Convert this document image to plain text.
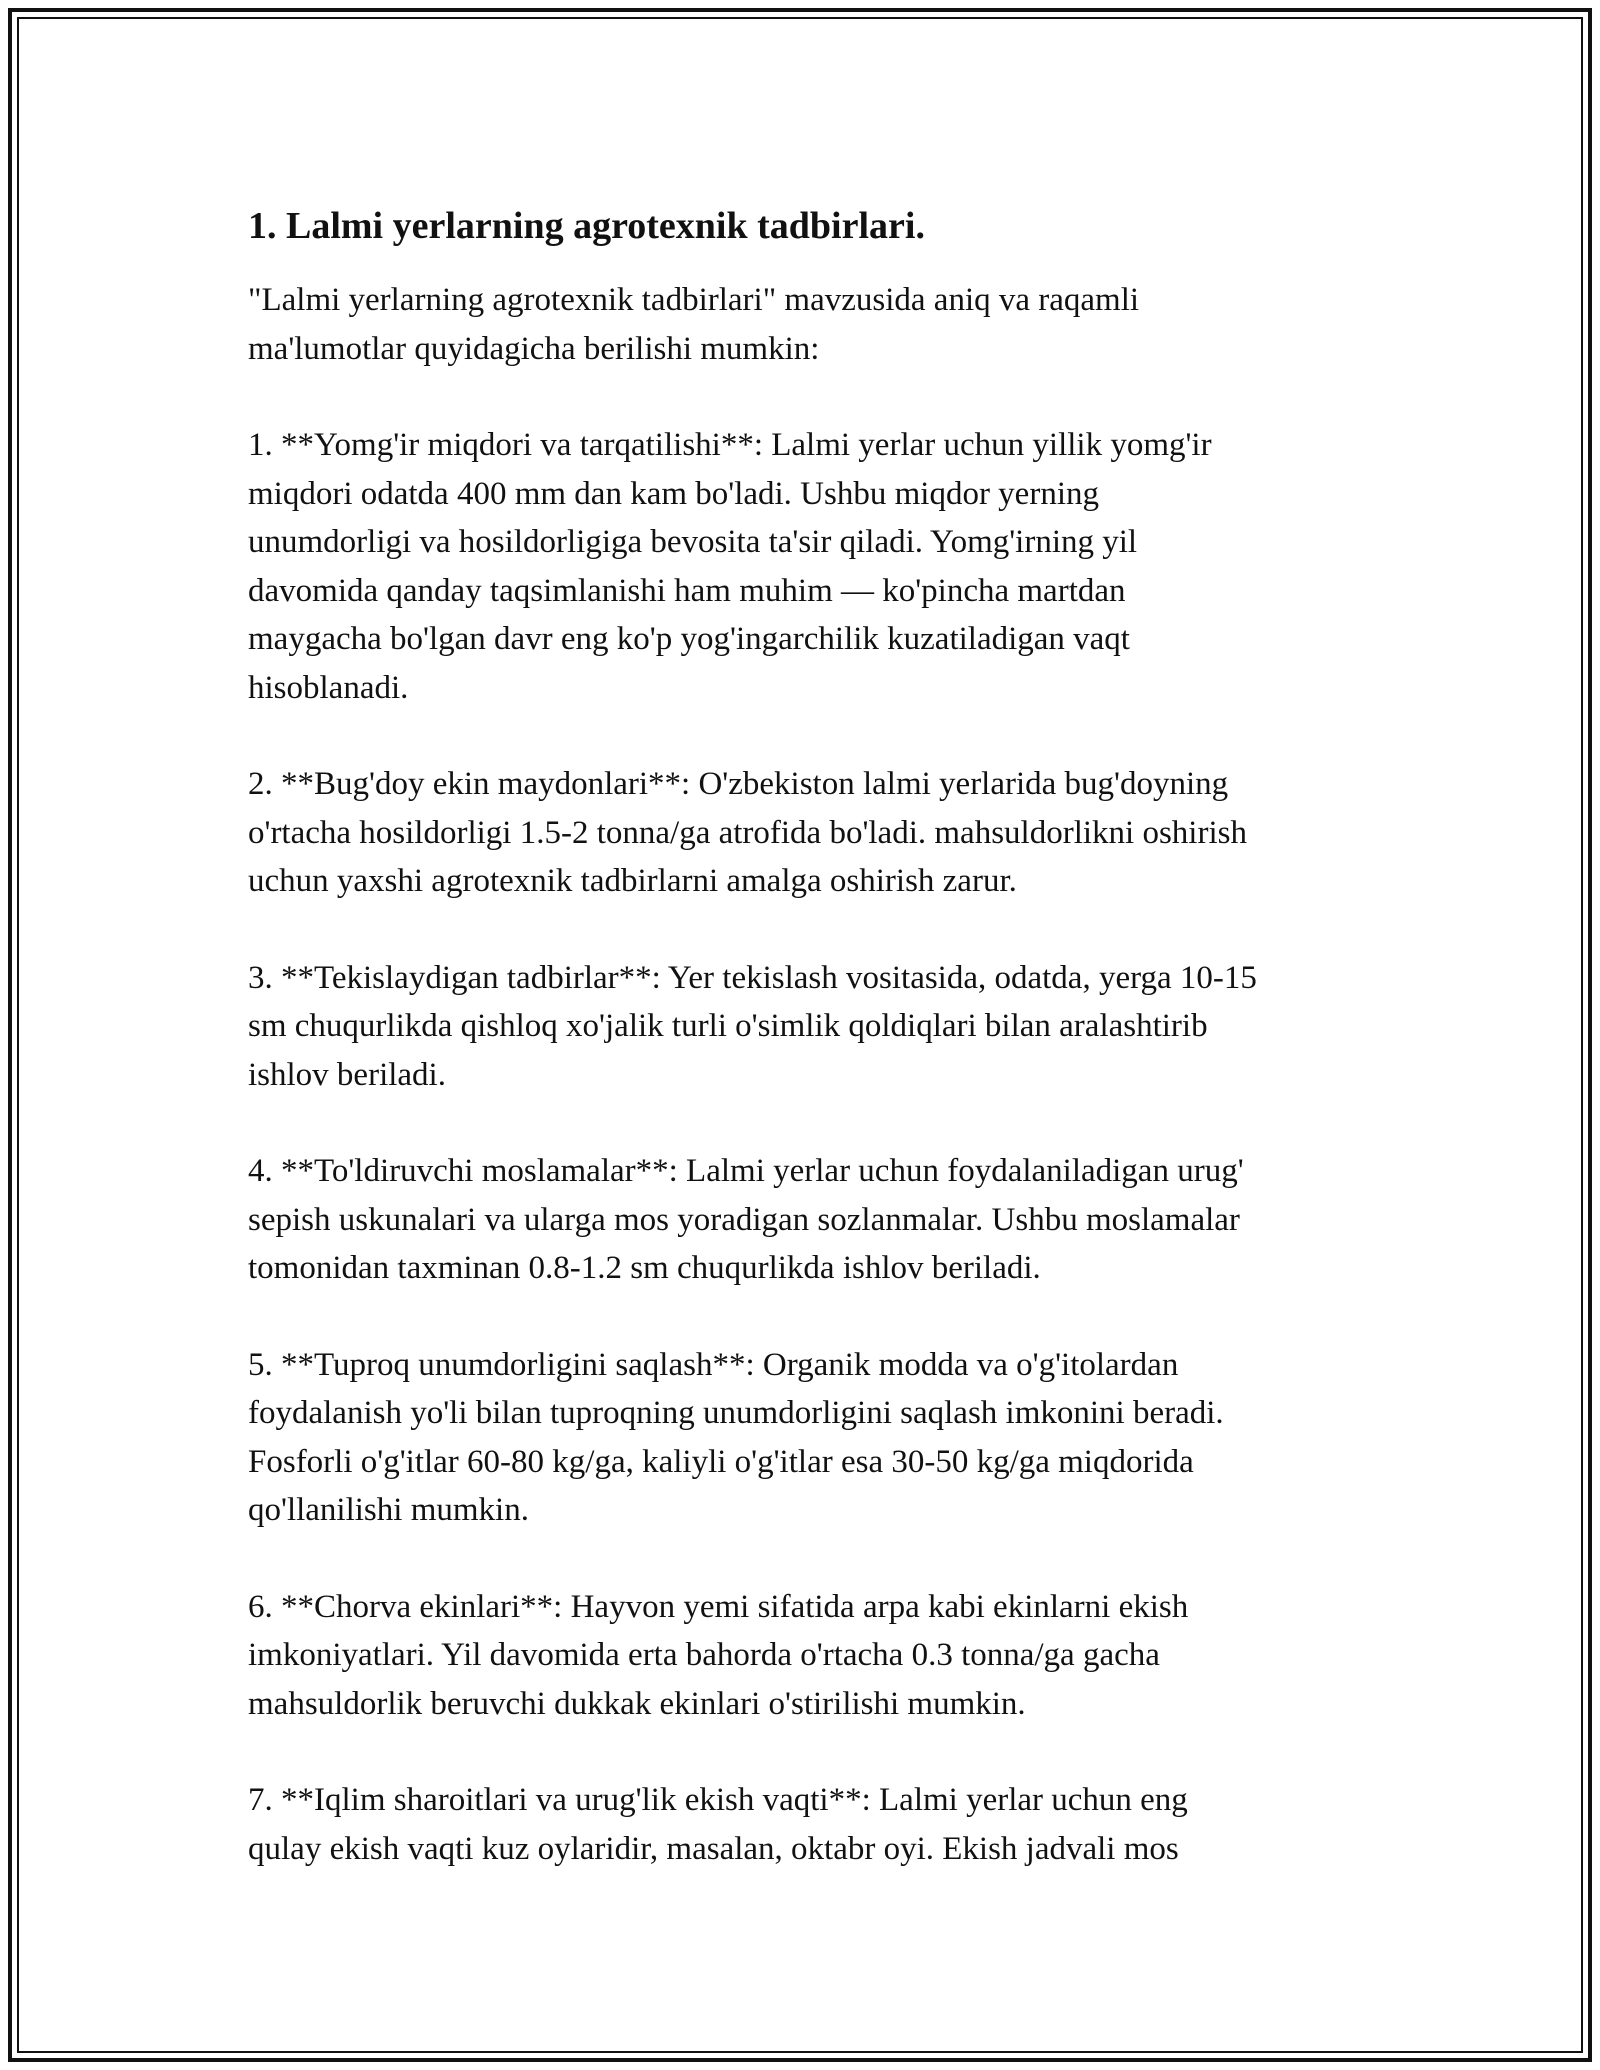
1. Lalmi yerlarning agrotexnik tadbirlari.

"Lalmi yerlarning agrotexnik tadbirlari" mavzusida aniq va raqamli
ma'lumotlar quyidagicha berilishi mumkin:

1. **Yomg'ir miqdori va tarqatilishi**: Lalmi yerlar uchun yillik yomg'ir
miqdori odatda 400 mm dan kam bo'ladi. Ushbu miqdor yerning
unumdorligi va hosildorligiga bevosita ta'sir qiladi. Yomg'irning yil
davomida qanday taqsimlanishi ham muhim — ko'pincha martdan
maygacha bo'lgan davr eng ko'p yog'ingarchilik kuzatiladigan vaqt
hisoblanadi.

2. **Bug'doy ekin maydonlari**: O'zbekiston lalmi yerlarida bug'doyning
o'rtacha hosildorligi 1.5-2 tonna/ga atrofida bo'ladi. mahsuldorlikni oshirish
uchun yaxshi agrotexnik tadbirlarni amalga oshirish zarur.

3. **Tekislaydigan tadbirlar**: Yer tekislash vositasida, odatda, yerga 10-15
sm chuqurlikda qishloq xo'jalik turli o'simlik qoldiqlari bilan aralashtirib
ishlov beriladi.

4. **To'ldiruvchi moslamalar**: Lalmi yerlar uchun foydalaniladigan urug'
sepish uskunalari va ularga mos yoradigan sozlanmalar. Ushbu moslamalar
tomonidan taxminan 0.8-1.2 sm chuqurlikda ishlov beriladi.

5. **Tuproq unumdorligini saqlash**: Organik modda va o'g'itolardan
foydalanish yo'li bilan tuproqning unumdorligini saqlash imkonini beradi.
Fosforli o'g'itlar 60-80 kg/ga, kaliyli o'g'itlar esa 30-50 kg/ga miqdorida
qo'llanilishi mumkin.

6. **Chorva ekinlari**: Hayvon yemi sifatida arpa kabi ekinlarni ekish
imkoniyatlari. Yil davomida erta bahorda o'rtacha 0.3 tonna/ga gacha
mahsuldorlik beruvchi dukkak ekinlari o'stirilishi mumkin.

7. **Iqlim sharoitlari va urug'lik ekish vaqti**: Lalmi yerlar uchun eng
qulay ekish vaqti kuz oylaridir, masalan, oktabr oyi. Ekish jadvali mos
